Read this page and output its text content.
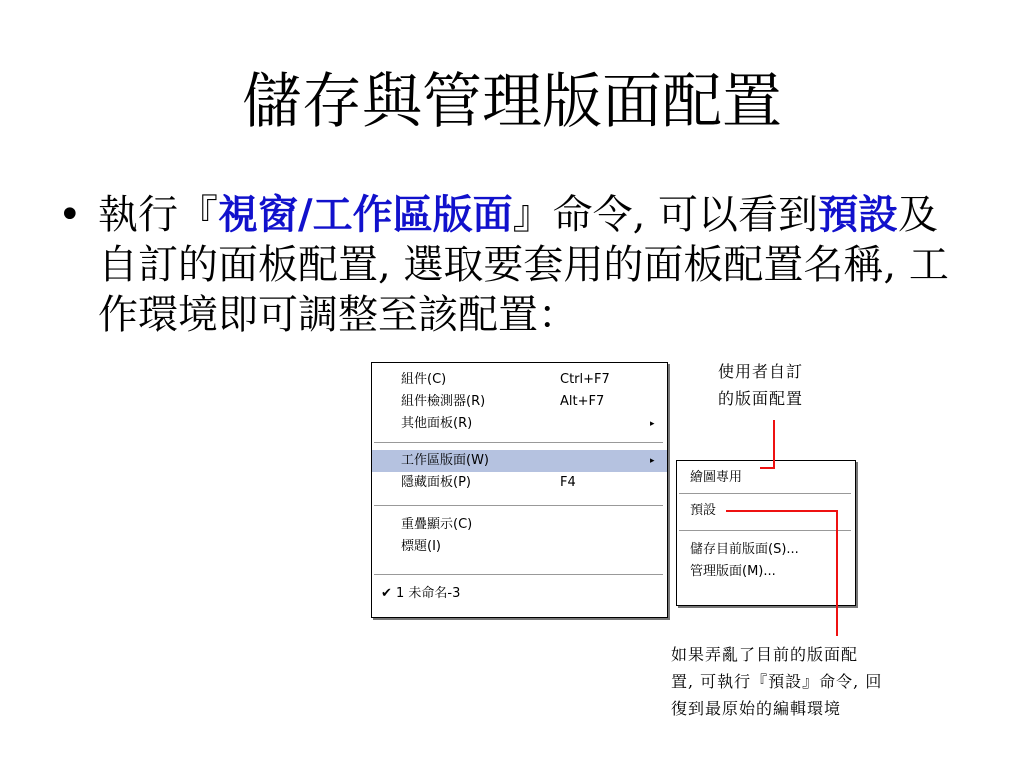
儲存與管理版面配置
• 執行『視窗/工作區版面』命令, 可以看到預設及自訂的面板配置, 選取要套用的面板配置名稱, 工作環境即可調整至該配置：
組件(C)	Ctrl+F7
組件檢測器(R)	Alt+F7
其他面板(R)	▸
工作區版面(W)	▸
隱藏面板(P)	F4
重疊顯示(C)
標題(I)
✔ 1 未命名-3
繪圖專用
預設
儲存目前版面(S)...
管理版面(M)...
使用者自訂
的版面配置
如果弄亂了目前的版面配
置, 可執行『預設』命令, 回
復到最原始的編輯環境
